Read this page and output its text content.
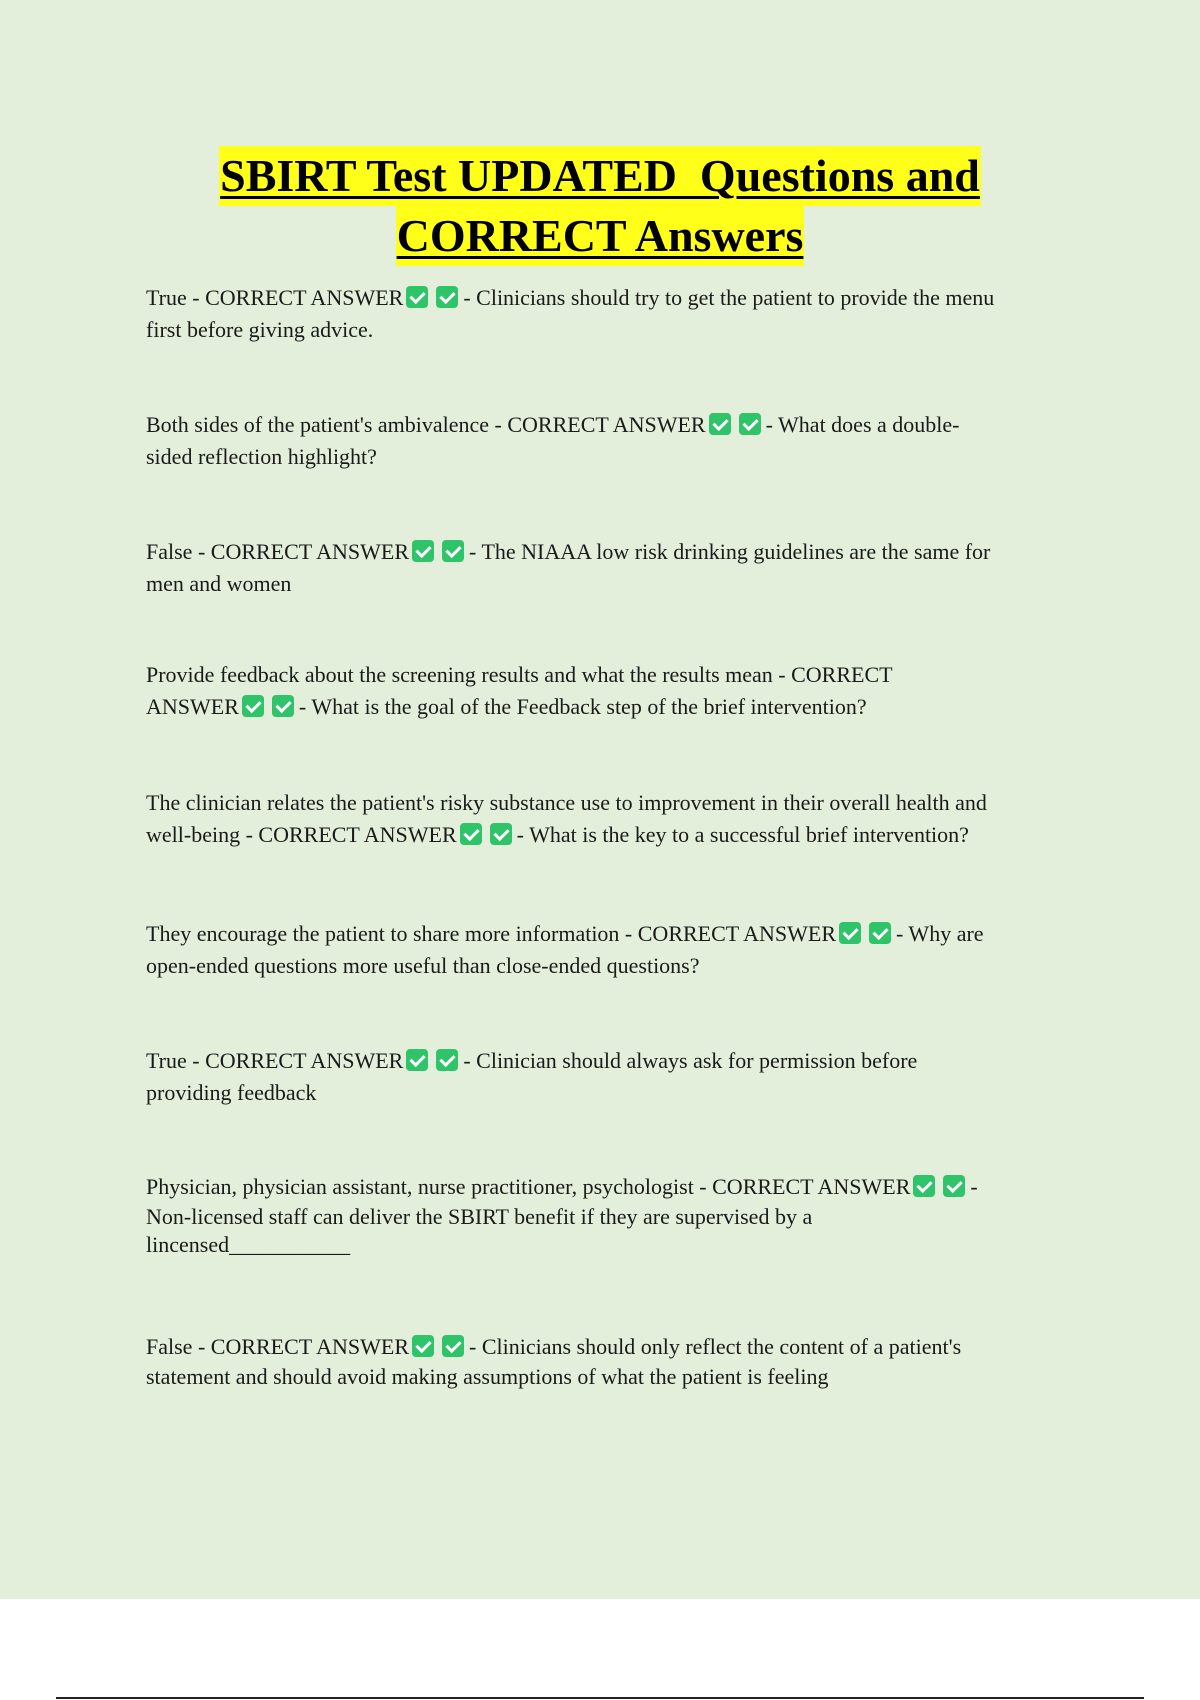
SBIRT Test UPDATED  Questions and
CORRECT Answers
True - CORRECT ANSWER	- Clinicians should try to get the patient to provide the menu
first before giving advice.
Both sides of the patient's ambivalence - CORRECT ANSWER	- What does a double-
sided reflection highlight?
False - CORRECT ANSWER	- The NIAAA low risk drinking guidelines are the same for
men and women
Provide feedback about the screening results and what the results mean - CORRECT
ANSWER	- What is the goal of the Feedback step of the brief intervention?
The clinician relates the patient's risky substance use to improvement in their overall health and
well-being - CORRECT ANSWER	- What is the key to a successful brief intervention?
They encourage the patient to share more information - CORRECT ANSWER	- Why are
open-ended questions more useful than close-ended questions?
True - CORRECT ANSWER	- Clinician should always ask for permission before
providing feedback
Physician, physician assistant, nurse practitioner, psychologist - CORRECT ANSWER	-
Non-licensed staff can deliver the SBIRT benefit if they are supervised by a
lincensed___________
False - CORRECT ANSWER	- Clinicians should only reflect the content of a patient's
statement and should avoid making assumptions of what the patient is feeling
